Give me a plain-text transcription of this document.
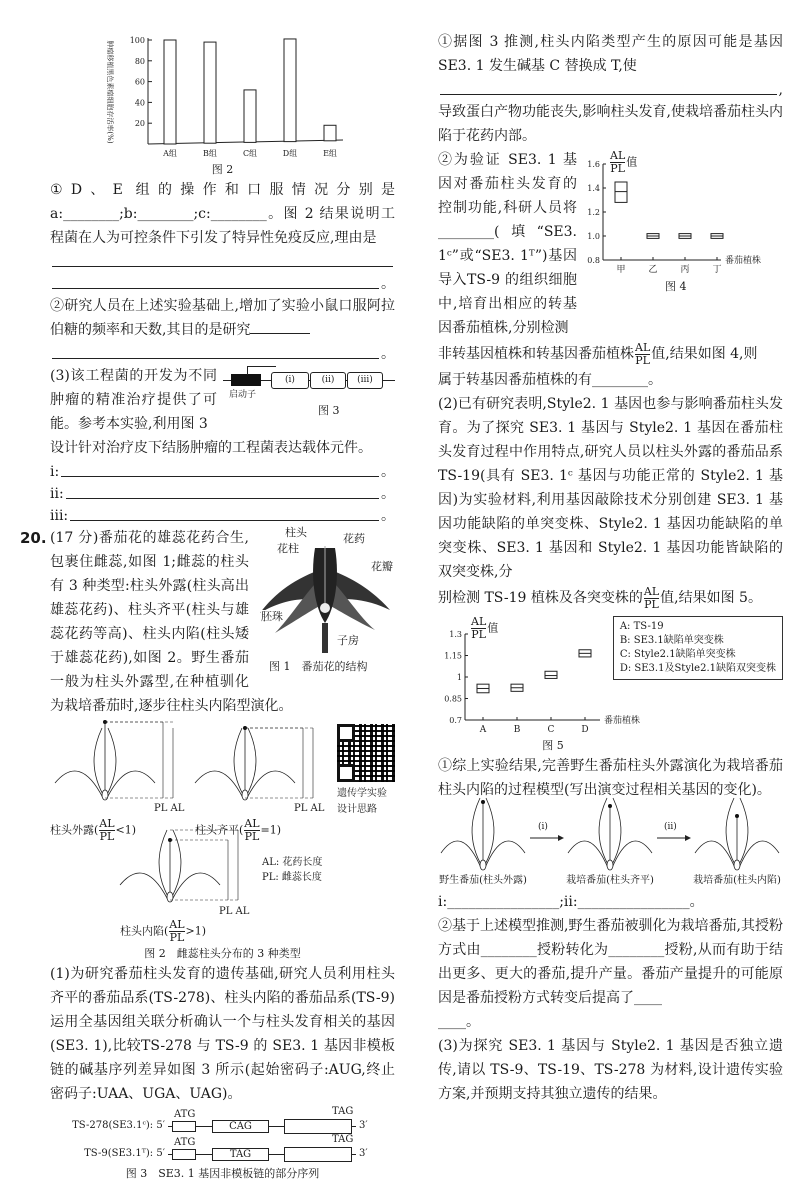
20
40
60
80
100
肿瘤移植黑色素瘤细胞存活率(%)
A组	B组	C组	D组	E组
图 2

①D、E 组的操作和口服情况分别是 a:________;b:________;c:________。图 2 结果说明工程菌在人为可控条件下引发了特异性免疫反应,理由是

。

②研究人员在上述实验基础上,增加了实验小鼠口服阿拉伯糖的频率和天数,其目的是研究

。
启动子
(i)	(ii)	(iii)
图 3

(3)该工程菌的开发为不同肿瘤的精准治疗提供了可能。参考本实验,利用图 3

设计针对治疗皮下结肠肿瘤的工程菌表达载体元件。

i:	。
ii:	。
iii:	。
20.	柱头
花柱
花药
花瓣
胚珠
子房
图 1　番茄花的结构

(17 分)番茄花的雄蕊花药合生,包裹住雌蕊,如图 1;雌蕊的柱头有 3 种类型:柱头外露(柱头高出雄蕊花药)、柱头齐平(柱头与雄蕊花药等高)、柱头内陷(柱头矮于雄蕊花药),如图 2。野生番茄一般为柱头外露型,在种植驯化为栽培番茄时,逐步往柱头内陷型演化。

柱头外露( $\frac{AL}{PL} <1$)	柱头齐平( $\frac{AL}{PL} =1$)
柱头内陷( $\frac{AL}{PL} >1$)
PL AL	PL AL
PL AL
AL: 花药长度
PL: 雌蕊长度
遗传学实验
设计思路
图 2　雌蕊柱头分布的 3 种类型

(1)为研究番茄柱头发育的遗传基础,研究人员利用柱头齐平的番茄品系(TS-278)、柱头内陷的番茄品系(TS-9)运用全基因组关联分析确认一个与柱头发育相关的基因(SE3. 1),比较TS-278 与 TS-9 的 SE3. 1 基因非模板链的碱基序列差异如图 3 所示(起始密码子:AUG,终止密码子:UAA、UGA、UAG)。

TS-278(SE3.1ᶜ): 5′
ATG
CAG
TAG
3′
TS-9(SE3.1ᵀ): 5′
ATG
TAG
TAG
3′
图 3　SE3. 1 基因非模板链的部分序列

①据图 3 推测,柱头内陷类型产生的原因可能是基因 SE3. 1 发生碱基 C 替换成 T,使

,

导致蛋白产物功能丧失,影响柱头发育,使栽培番茄柱头内陷于花药内部。

番茄植株
0.8
1.0
1.2
1.4
1.6
甲	乙	丙	丁
$\frac{AL}{PL}$ 值
图 4

②为验证 SE3. 1 基因对番茄柱头发育的控制功能,科研人员将________(填“SE3. 1ᶜ”或“SE3. 1ᵀ”)基因导入TS-9 的组织细胞中,培育出相应的转基因番茄植株,分别检测

非转基因植株和转基因番茄植株 $\frac{AL}{PL}$ 值,结果如图 4,则

属于转基因番茄植株的有________。

(2)已有研究表明,Style2. 1 基因也参与影响番茄柱头发育。为了探究 SE3. 1 基因与 Style2. 1 基因在番茄柱头发育过程中作用特点,研究人员以柱头外露的番茄品系TS-19(具有 SE3. 1ᶜ 基因与功能正常的 Style2. 1 基因)为实验材料,利用基因敲除技术分别创建 SE3. 1 基因功能缺陷的单突变株、Style2. 1 基因功能缺陷的单突变株、SE3. 1 基因和 Style2. 1 基因功能皆缺陷的双突变株,分

别检测 TS-19 植株及各突变株的 $\frac{AL}{PL}$ 值,结果如图 5。

番茄植株
0.7
0.85
1
1.15
1.3
A	B	C	D
$\frac{AL}{PL}$ 值	A: TS-19
B: SE3.1缺陷单突变株
C: Style2.1缺陷单突变株
D: SE3.1及Style2.1缺陷双突变株
图 5

①综上实验结果,完善野生番茄柱头外露演化为栽培番茄柱头内陷的过程模型(写出演变过程相关基因的变化)。

(i)	(ii)
野生番茄(柱头外露)	栽培番茄(柱头齐平)	栽培番茄(柱头内陷)

i:________________;ii:________________。

②基于上述模型推测,野生番茄被驯化为栽培番茄,其授粉方式由________授粉转化为________授粉,从而有助于结出更多、更大的番茄,提升产量。番茄产量提升的可能原因是番茄授粉方式转变后提高了____

____。

(3)为探究 SE3. 1 基因与 Style2. 1 基因是否独立遗传,请以 TS-9、TS-19、TS-278 为材料,设计遗传实验方案,并预期支持其独立遗传的结果。
